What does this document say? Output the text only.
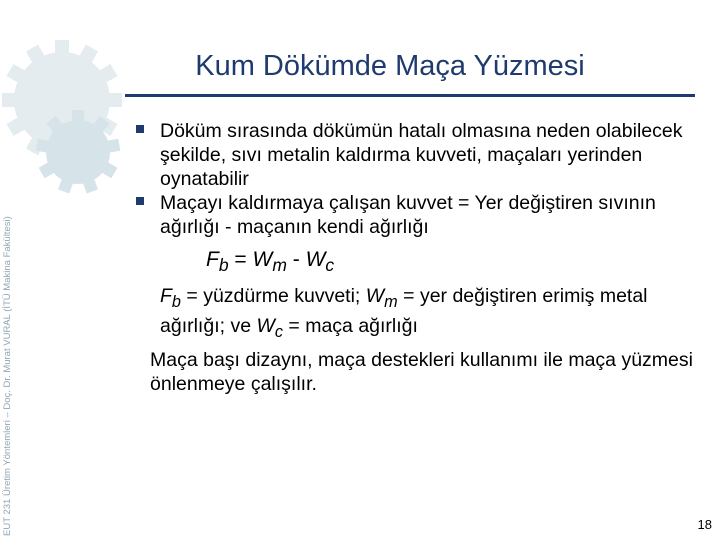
EUT 231 Üretim Yöntemleri – Doç. Dr. Murat VURAL (İTÜ Makina Fakültesi)
Kum Dökümde Maça Yüzmesi
Döküm sırasında dökümün hatalı olmasına neden olabilecek şekilde, sıvı metalin kaldırma kuvveti, maçaları yerinden oynatabilir
Maçayı kaldırmaya çalışan kuvvet = Yer değiştiren sıvının ağırlığı - maçanın kendi ağırlığı
$F_b = W_m - W_c$
$F_b$ = yüzdürme kuvveti; $W_m$ = yer değiştiren erimiş metal ağırlığı; ve $W_c$ = maça ağırlığı
Maça başı dizaynı, maça destekleri kullanımı ile maça yüzmesi önlenmeye çalışılır.
18
